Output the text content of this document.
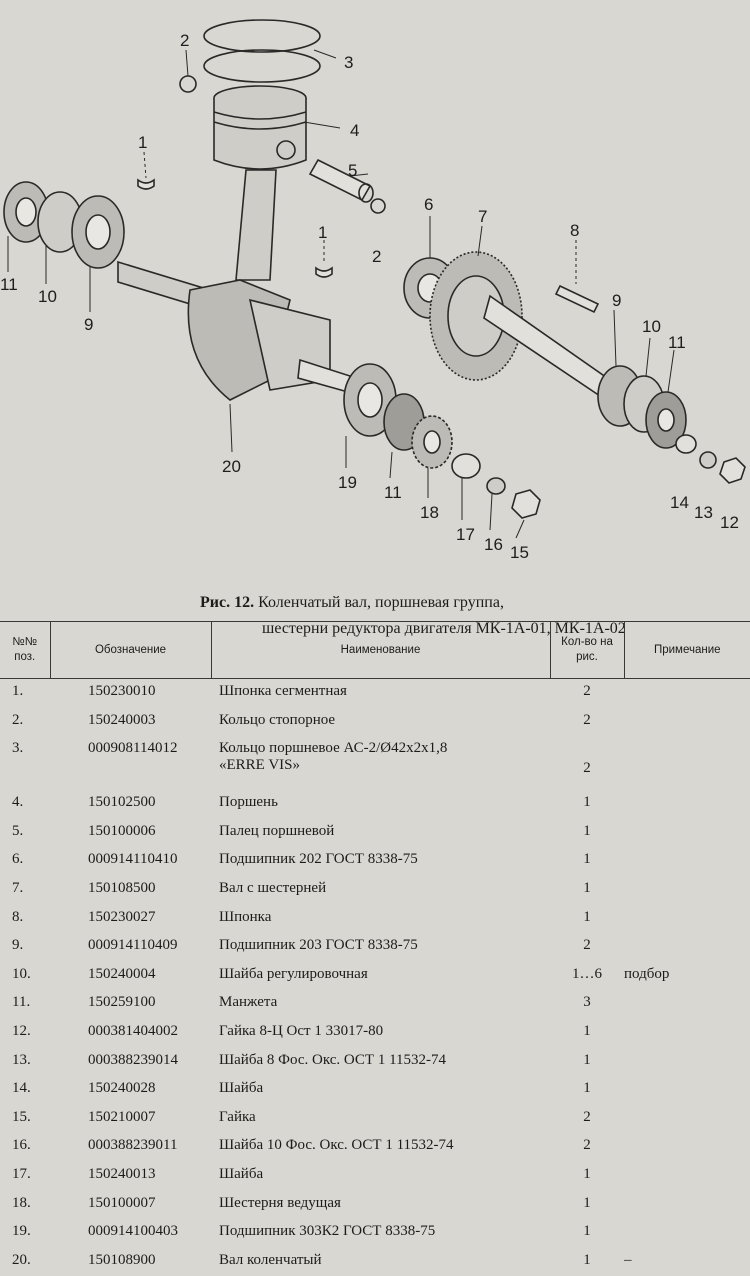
2
3
4
5
2
1
1
6
7
8
9
10
11
11
10
9
20
19
11
18
17
16 15
14
13
12
Рис. 12. Коленчатый вал, поршневая группа,
шестерни редуктора двигателя МК-1А-01, МК-1А-02
№№ поз.	Обозначение	Наименование	Кол-во на рис.	Примечание
1.	150230010	Шпонка сегментная	2	
2.	150240003	Кольцо стопорное	2	
3.	000908114012	Кольцо поршневое АС-2/Ø42х2х1,8
«ERRE VIS»	2	

4.	150102500	Поршень	1	
5.	150100006	Палец поршневой	1	
6.	000914110410	Подшипник 202 ГОСТ 8338-75	1	
7.	150108500	Вал с шестерней	1	
8.	150230027	Шпонка	1	
9.	000914110409	Подшипник 203 ГОСТ 8338-75	2	
10.	150240004	Шайба регулировочная	1…6	подбор
11.	150259100	Манжета	3	
12.	000381404002	Гайка 8-Ц Ост 1 33017-80	1	
13.	000388239014	Шайба 8 Фос. Окс. ОСТ 1 11532-74	1	
14.	150240028	Шайба	1	
15.	150210007	Гайка	2	
16.	000388239011	Шайба 10 Фос. Окс. ОСТ 1 11532-74	2	
17.	150240013	Шайба	1	
18.	150100007	Шестерня ведущая	1	
19.	000914100403	Подшипник 303К2 ГОСТ 8338-75	1	
20.	150108900	Вал коленчатый	1	–
